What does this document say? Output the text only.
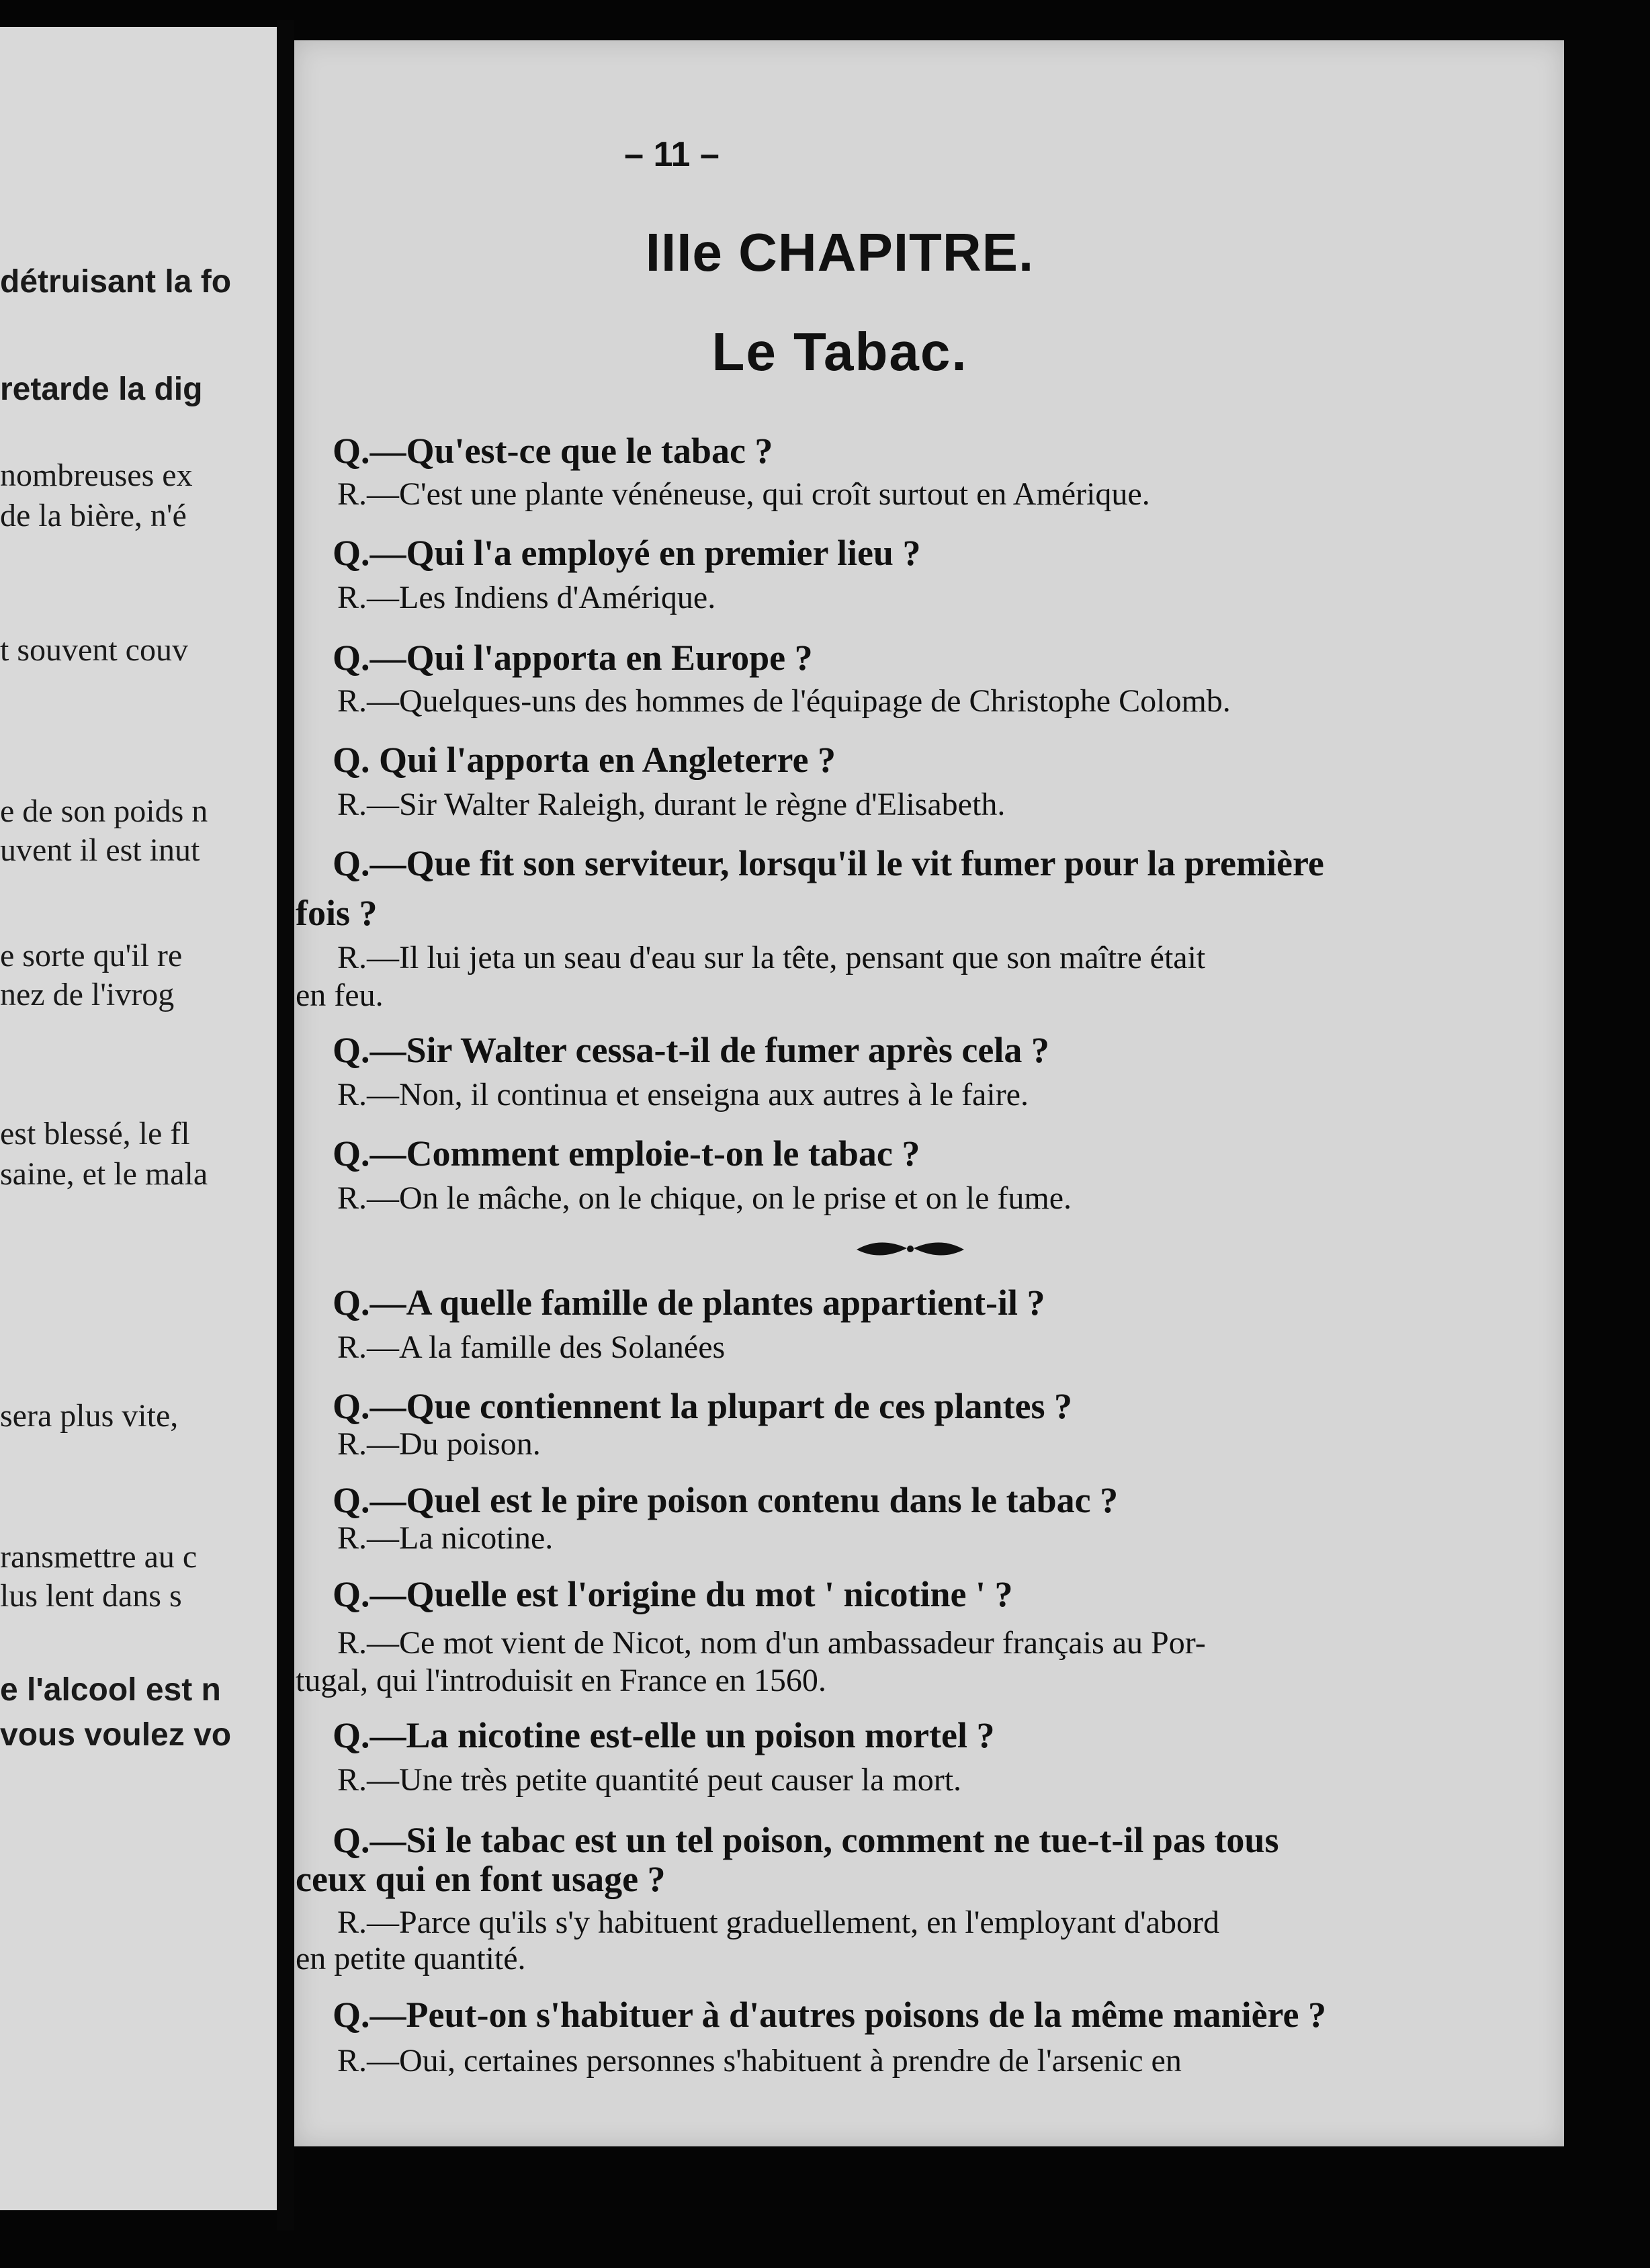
détruisant la fo
retarde la dig
nombreuses ex
de la bière, n'é
t souvent couv
e de son poids n
uvent il est inut
e sorte qu'il re
nez de l'ivrog
est blessé, le fl
saine, et le mala
sera plus vite,
ransmettre au c
lus lent dans s
e l'alcool est n
vous voulez vo
– 11 –
IIIe CHAPITRE.
Le Tabac.
Q.—Qu'est-ce que le tabac ?
R.—C'est une plante vénéneuse, qui croît surtout en Amérique.
Q.—Qui l'a employé en premier lieu ?
R.—Les Indiens d'Amérique.
Q.—Qui l'apporta en Europe ?
R.—Quelques-uns des hommes de l'équipage de Christophe Colomb.
Q. Qui l'apporta en Angleterre ?
R.—Sir Walter Raleigh, durant le règne d'Elisabeth.
Q.—Que fit son serviteur, lorsqu'il le vit fumer pour la première
fois ?
R.—Il lui jeta un seau d'eau sur la tête, pensant que son maître était
en feu.
Q.—Sir Walter cessa-t-il de fumer après cela ?
R.—Non, il continua et enseigna aux autres à le faire.
Q.—Comment emploie-t-on le tabac ?
R.—On le mâche, on le chique, on le prise et on le fume.
Q.—A quelle famille de plantes appartient-il ?
R.—A la famille des Solanées
Q.—Que contiennent la plupart de ces plantes ?
R.—Du poison.
Q.—Quel est le pire poison contenu dans le tabac ?
R.—La nicotine.
Q.—Quelle est l'origine du mot ' nicotine ' ?
R.—Ce mot vient de Nicot, nom d'un ambassadeur français au Por-
tugal, qui l'introduisit en France en 1560.
Q.—La nicotine est-elle un poison mortel ?
R.—Une très petite quantité peut causer la mort.
Q.—Si le tabac est un tel poison, comment ne tue-t-il pas tous
ceux qui en font usage ?
R.—Parce qu'ils s'y habituent graduellement, en l'employant d'abord
en petite quantité.
Q.—Peut-on s'habituer à d'autres poisons de la même manière ?
R.—Oui, certaines personnes s'habituent à prendre de l'arsenic en
